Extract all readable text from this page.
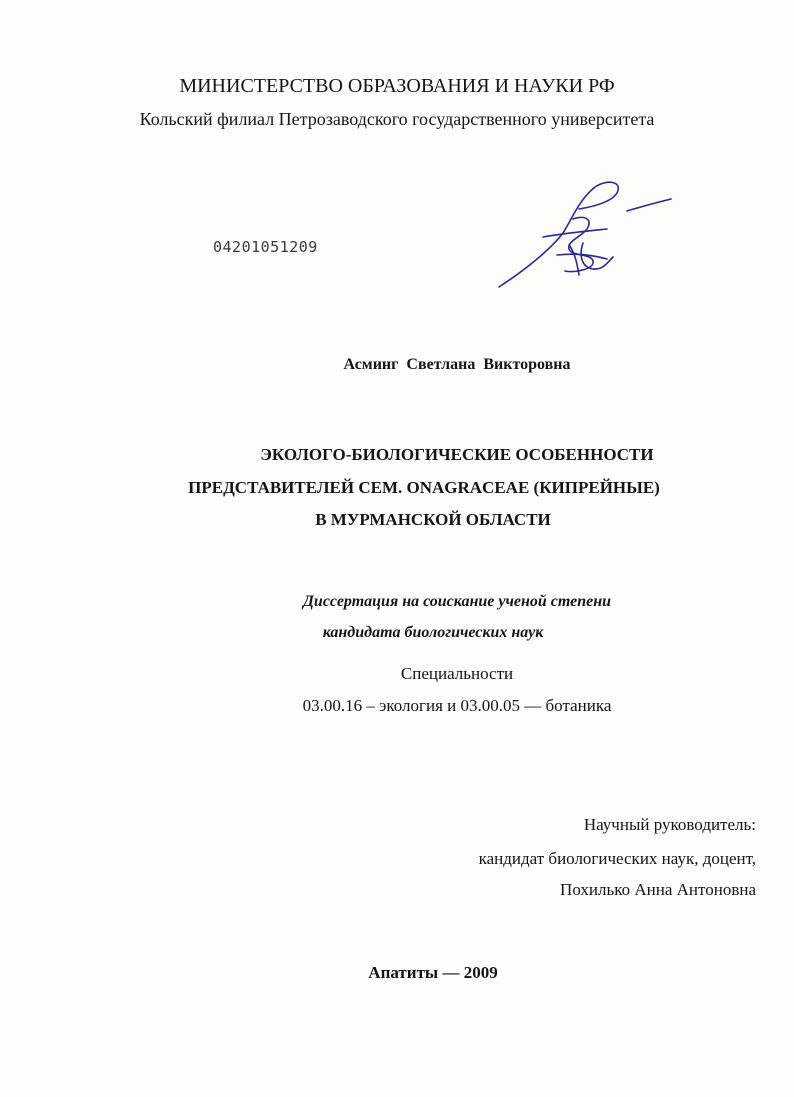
МИНИСТЕРСТВО ОБРАЗОВАНИЯ И НАУКИ РФ
Кольский филиал Петрозаводского государственного университета
04201051209
Асминг Светлана Викторовна
ЭКОЛОГО-БИОЛОГИЧЕСКИЕ ОСОБЕННОСТИ
ПРЕДСТАВИТЕЛЕЙ СЕМ. ONAGRACEAE (КИПРЕЙНЫЕ)
В МУРМАНСКОЙ ОБЛАСТИ
Диссертация на соискание ученой степени
кандидата биологических наук
Специальности
03.00.16 – экология и 03.00.05 — ботаника
Научный руководитель:
кандидат биологических наук, доцент,
Похилько Анна Антоновна
Апатиты — 2009
